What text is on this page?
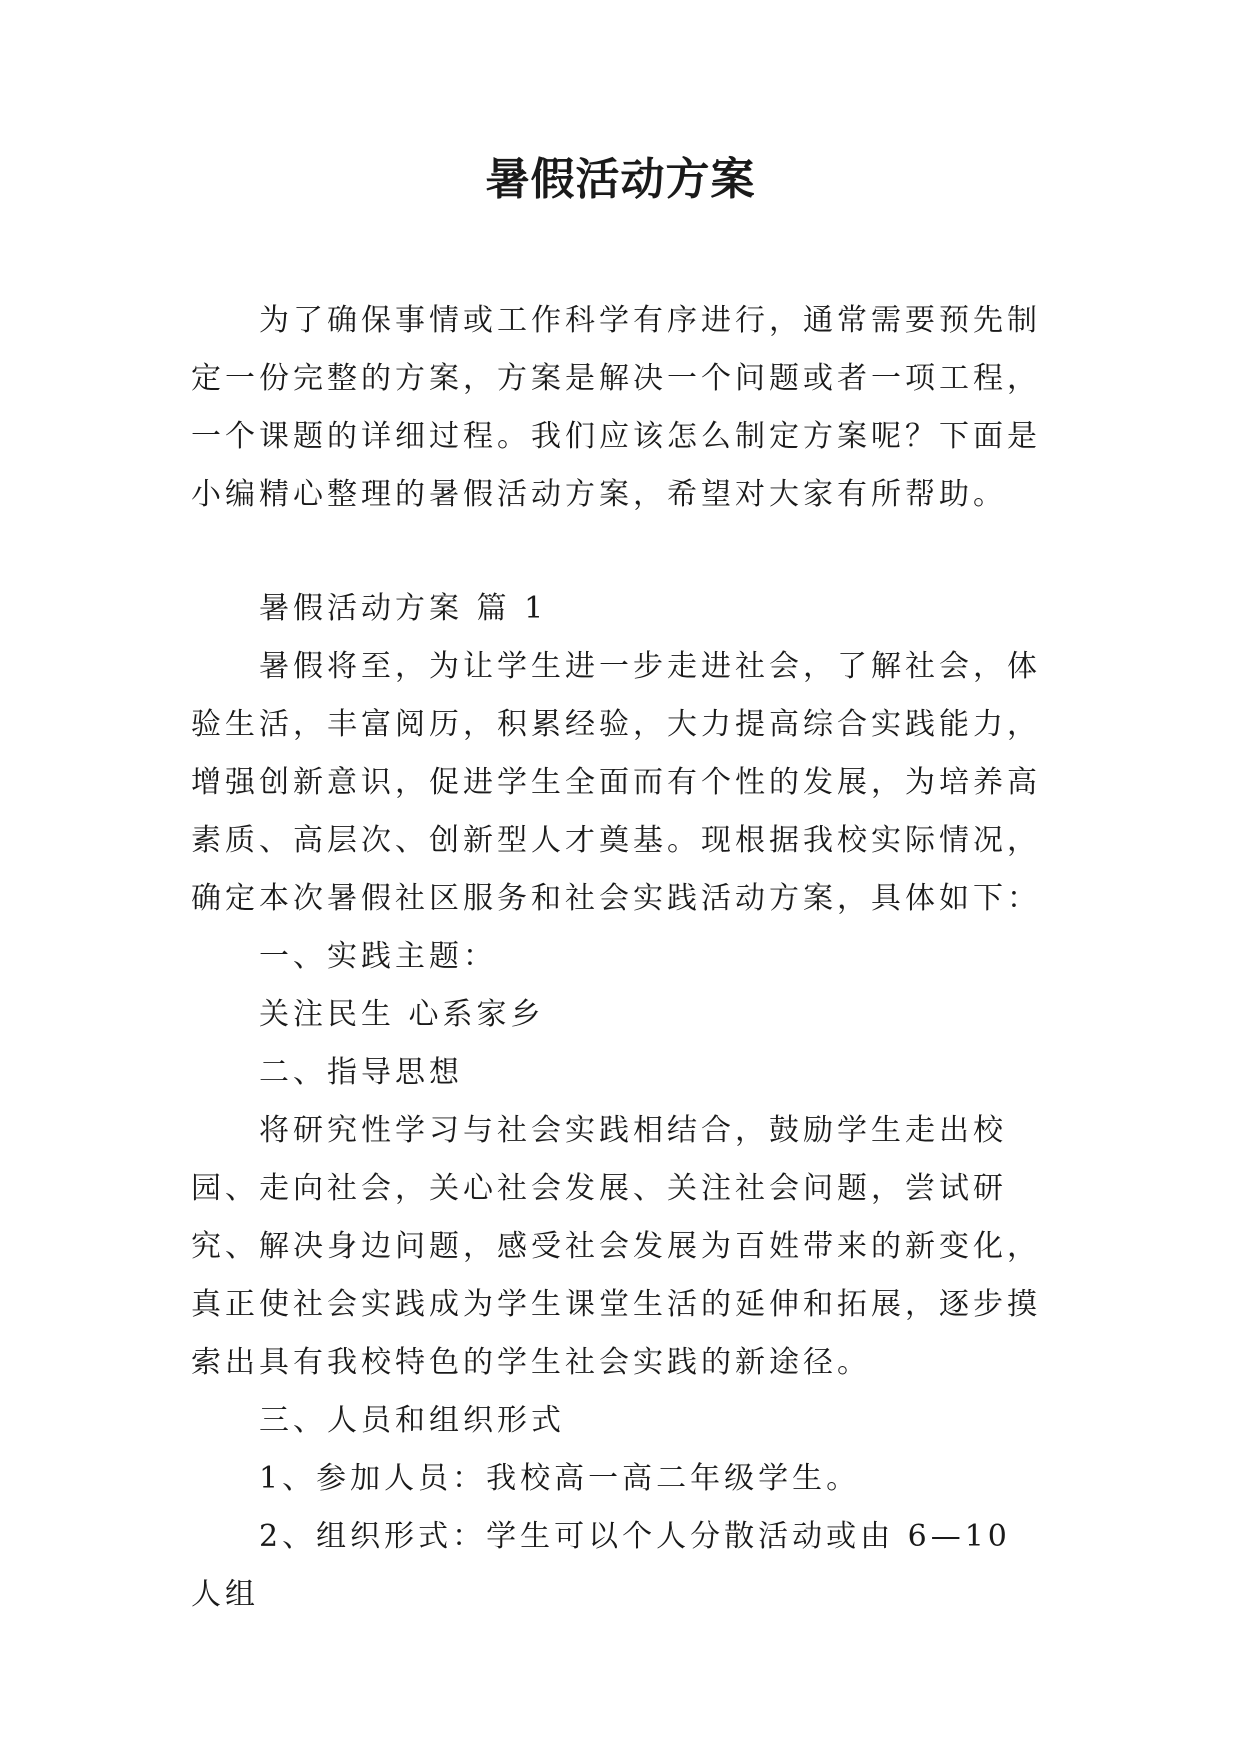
暑假活动方案

为了确保事情或工作科学有序进行，通常需要预先制定一份完整的方案，方案是解决一个问题或者一项工程，一个课题的详细过程。我们应该怎么制定方案呢？下面是小编精心整理的暑假活动方案，希望对大家有所帮助。

暑假活动方案 篇 1

暑假将至，为让学生进一步走进社会，了解社会，体验生活，丰富阅历，积累经验，大力提高综合实践能力，增强创新意识，促进学生全面而有个性的发展，为培养高素质、高层次、创新型人才奠基。现根据我校实际情况，确定本次暑假社区服务和社会实践活动方案，具体如下：

一、实践主题：

关注民生 心系家乡

二、指导思想

将研究性学习与社会实践相结合，鼓励学生走出校园、走向社会，关心社会发展、关注社会问题，尝试研究、解决身边问题，感受社会发展为百姓带来的新变化，真正使社会实践成为学生课堂生活的延伸和拓展，逐步摸索出具有我校特色的学生社会实践的新途径。

三、人员和组织形式

1、参加人员：我校高一高二年级学生。

2、组织形式：学生可以个人分散活动或由 6—10 人组
